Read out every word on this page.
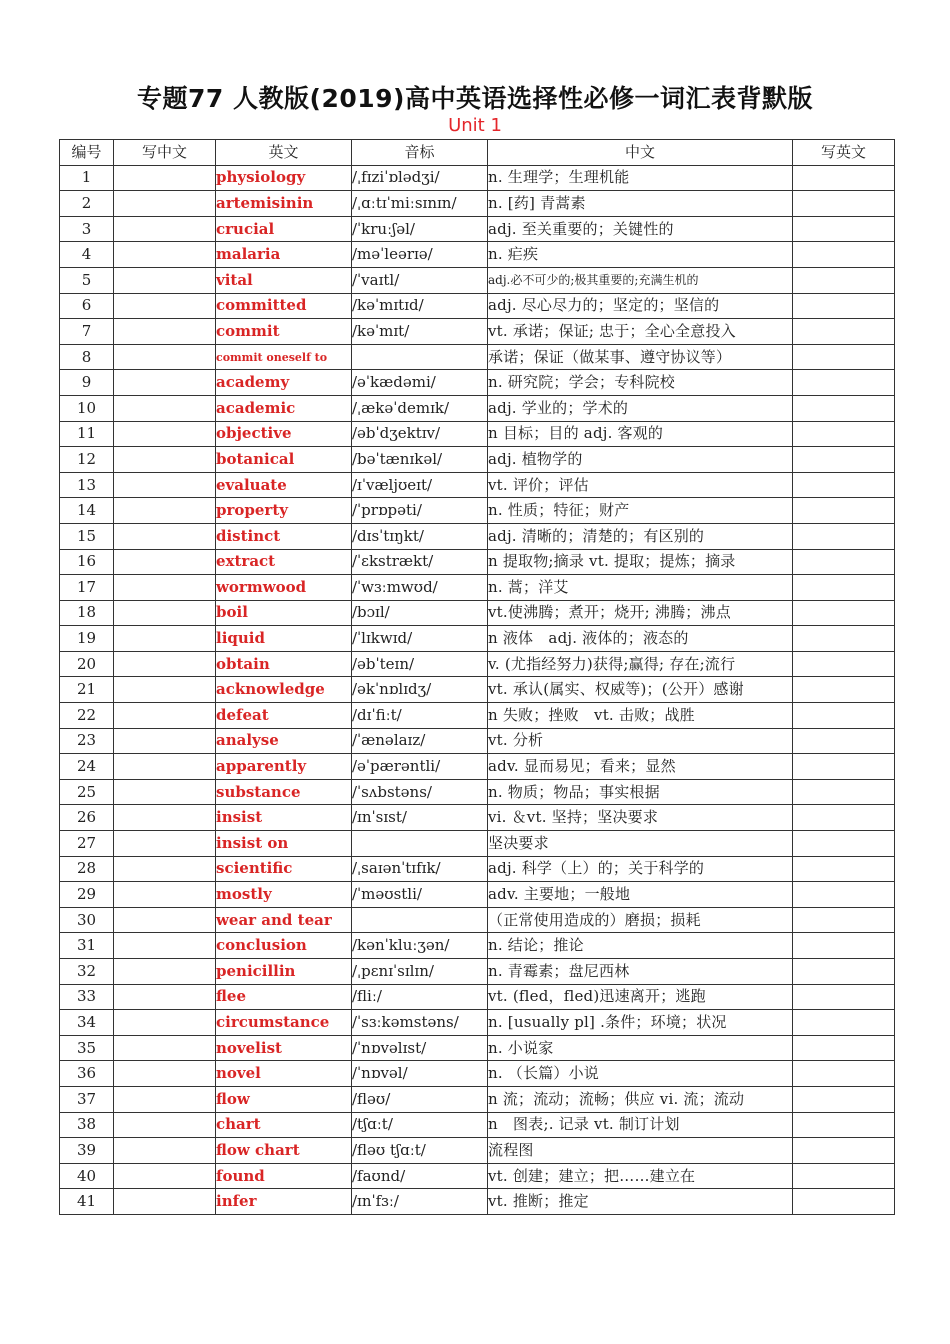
专题77 人教版(2019)高中英语选择性必修一词汇表背默版
Unit 1
编号	写中文	英文	音标	中文	写英文
1		physiology	/ˌfɪziˈɒlədʒi/	n. 生理学；生理机能	
2		artemisinin	/ˌɑːtɪˈmiːsɪnɪn/	n. [药] 青蒿素	
3		crucial	/ˈkruːʃəl/	adj. 至关重要的；关键性的	
4		malaria	/məˈleərɪə/	n. 疟疾	
5		vital	/ˈvaɪtl/	adj.必不可少的;极其重要的;充满生机的	
6		committed	/kəˈmɪtɪd/	adj. 尽心尽力的；坚定的；坚信的	
7		commit	/kəˈmɪt/	vt. 承诺；保证; 忠于；全心全意投入	
8		commit oneself to		承诺；保证（做某事、遵守协议等）	
9		academy	/əˈkædəmi/	n. 研究院；学会；专科院校	
10		academic	/ˌækəˈdemɪk/	adj. 学业的；学术的	
11		objective	/əbˈdʒektɪv/	n 目标；目的 adj. 客观的	
12		botanical	/bəˈtænɪkəl/	adj. 植物学的	
13		evaluate	/ɪˈvæljʊeɪt/	vt. 评价；评估	
14		property	/ˈprɒpəti/	n. 性质；特征；财产	
15		distinct	/dɪsˈtɪŋkt/	adj. 清晰的；清楚的；有区别的	
16		extract	/ˈɛkstrækt/	n 提取物;摘录 vt. 提取；提炼；摘录	
17		wormwood	/ˈwɜːmwʊd/	n. 蒿；洋艾	
18		boil	/bɔɪl/	vt.使沸腾；煮开；烧开; 沸腾；沸点	
19		liquid	/ˈlɪkwɪd/	n 液体　adj. 液体的；液态的	
20		obtain	/əbˈteɪn/	v. (尤指经努力)获得;赢得; 存在;流行	
21		acknowledge	/əkˈnɒlɪdʒ/	vt. 承认(属实、权威等)；(公开）感谢	
22		defeat	/dɪˈfiːt/	n 失败；挫败　vt. 击败；战胜	
23		analyse	/ˈænəlaɪz/	vt. 分析	
24		apparently	/əˈpærəntli/	adv. 显而易见；看来；显然	
25		substance	/ˈsʌbstəns/	n. 物质；物品；事实根据	
26		insist	/ɪnˈsɪst/	vi. ＆vt. 坚持；坚决要求	
27		insist on		坚决要求	
28		scientific	/ˌsaɪənˈtɪfɪk/	adj. 科学（上）的；关于科学的	
29		mostly	/ˈməʊstli/	adv. 主要地；一般地	
30		wear and tear		（正常使用造成的）磨损；损耗	
31		conclusion	/kənˈkluːʒən/	n. 结论；推论	
32		penicillin	/ˌpɛnɪˈsɪlɪn/	n. 青霉素；盘尼西林	
33		flee	/fliː/	vt. (fled，fled)迅速离开；逃跑	
34		circumstance	/ˈsɜːkəmstəns/	n. [usually pl] .条件；环境；状况	
35		novelist	/ˈnɒvəlɪst/	n. 小说家	
36		novel	/ˈnɒvəl/	n. （长篇）小说	
37		flow	/fləʊ/	n 流；流动；流畅；供应 vi. 流；流动	
38		chart	/tʃɑːt/	n　图表;. 记录 vt. 制订计划	
39		flow chart	/fləʊ tʃɑːt/	流程图	
40		found	/faʊnd/	vt. 创建；建立；把……建立在	
41		infer	/ɪnˈfɜː/	vt. 推断；推定	
